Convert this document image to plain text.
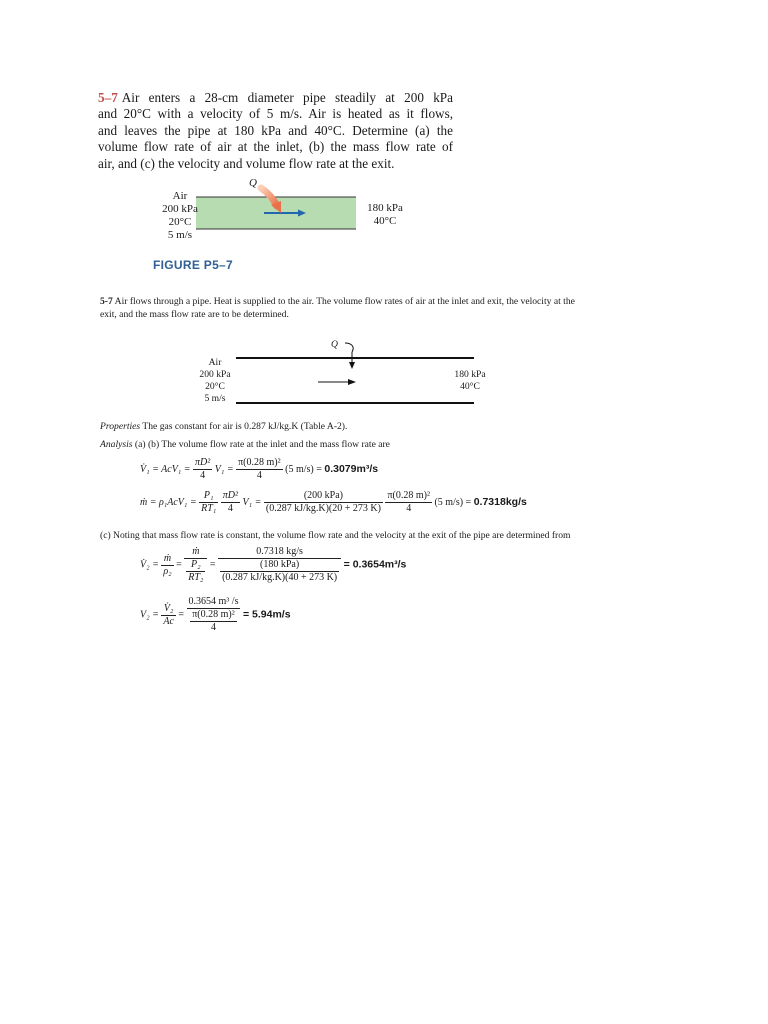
5–7 Air enters a 28-cm diameter pipe steadily at 200 kPa
and 20°C with a velocity of 5 m/s. Air is heated as it flows,
and leaves the pipe at 180 kPa and 40°C. Determine (a) the
volume flow rate of air at the inlet, (b) the mass flow rate of
air, and (c) the velocity and volume flow rate at the exit.
Q
Air
200 kPa
20°C
5 m/s
180 kPa
40°C
FIGURE P5–7
5-7 Air flows through a pipe. Heat is supplied to the air. The volume flow rates of air at the inlet and exit, the velocity at the
exit, and the mass flow rate are to be determined.
Q
Air
200 kPa
20°C
5 m/s
180 kPa
40°C
Properties The gas constant for air is 0.287 kJ/kg.K (Table A-2).
Analysis (a) (b) The volume flow rate at the inlet and the mass flow rate are
V̇₁ = $AcV_1 = \frac{\text{πD²}}{4} V_1 = \frac{\text{π(0.28 m)²}}{4} (5$ m/s) = 0.3079m³/s
ṁ = $\rho_1AcV_1 = \frac{\text{P₁}}{\text{RT₁}}$
$\frac{\text{πD²}}{4} V_1 = \frac{\text{(200 kPa)}}{(0.287 kJ/kg.K)(20 + 273 K)}$
$\frac{\text{π(0.28 m)²}}{4} (5$ m/s) = 0.7318kg/s
(c) Noting that mass flow rate is constant, the volume flow rate and the velocity at the exit of the pipe are determined from
V̇₂ = $\frac{\text{ṁ}}{\text{ρ₂}} = \frac{\text{ṁ}}{\frac{\text{P₂}}{\text{RT₂}}} = \frac{0.7318 kg/s}{\frac{\text{(180 kPa)}}{(0.287 kJ/kg.K)(40 + 273 K)}} = 0.3654m^3/s$
$V_2 = \frac{\text{V̇₂}}{Ac} = \frac{\text{0.3654 m³ /s}}{\frac{\text{π(0.28 m)²}}{4}} = 5.94m/s$
